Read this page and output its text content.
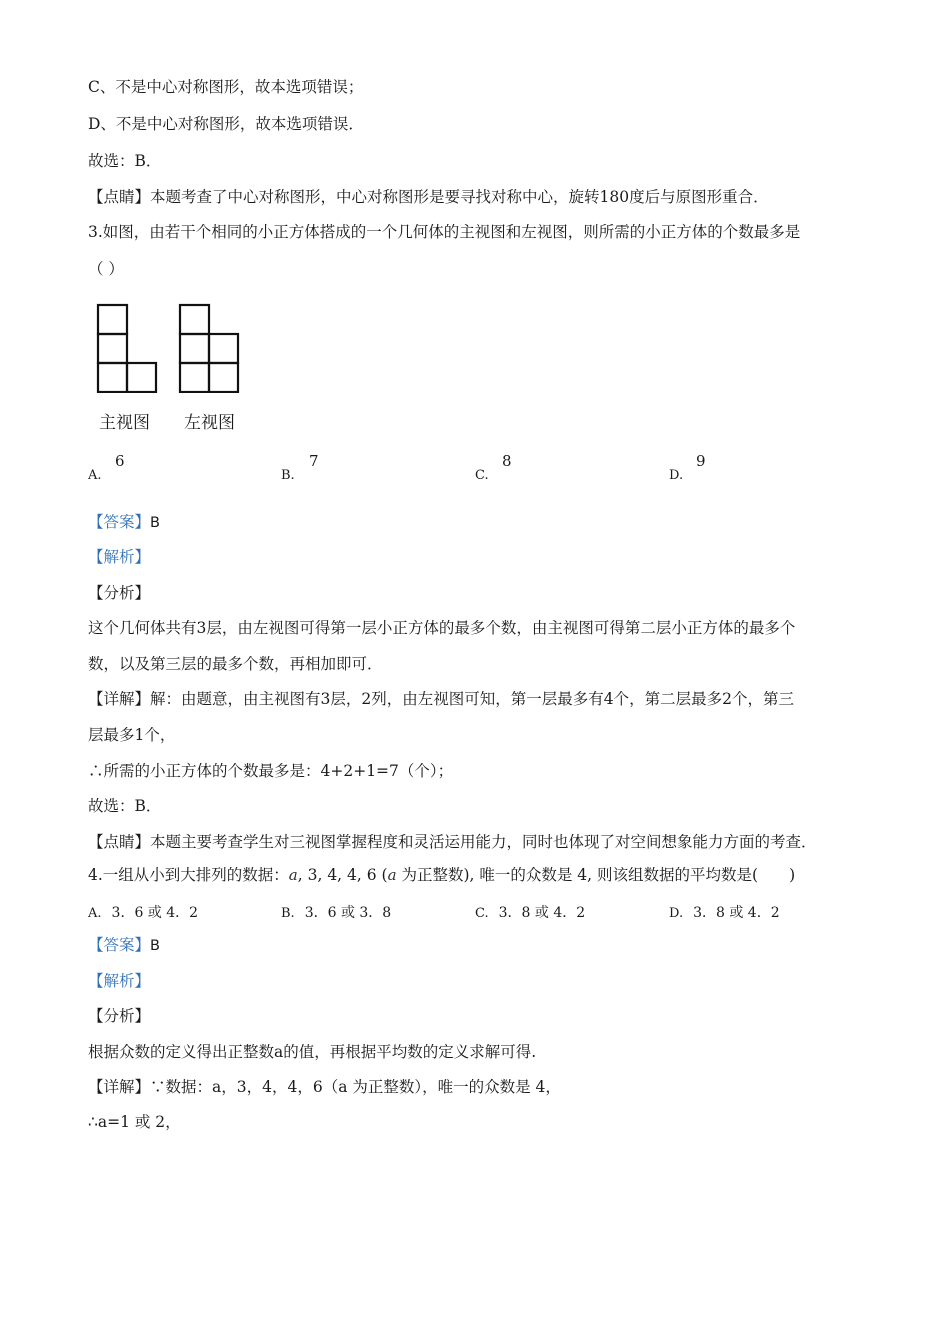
C、不是中心对称图形，故本选项错误；
D、不是中心对称图形，故本选项错误．
故选：B．
【点睛】本题考查了中心对称图形，中心对称图形是要寻找对称中心，旋转180度后与原图形重合．
3.如图，由若干个相同的小正方体搭成的一个几何体的主视图和左视图，则所需的小正方体的个数最多是
（ ）
主视图 左视图
A.
6
B.
7
C.
8
D.
9
【答案】B
【解析】
【分析】
这个几何体共有3层，由左视图可得第一层小正方体的最多个数，由主视图可得第二层小正方体的最多个
数，以及第三层的最多个数，再相加即可．
【详解】解：由题意，由主视图有3层，2列，由左视图可知，第一层最多有4个，第二层最多2个，第三
层最多1个，
∴所需的小正方体的个数最多是：4+2+1=7（个）；
故选：B．
【点睛】本题主要考查学生对三视图掌握程度和灵活运用能力，同时也体现了对空间想象能力方面的考查．
4.一组从小到大排列的数据：a, 3, 4, 4, 6 (a 为正整数), 唯一的众数是 4, 则该组数据的平均数是(　　)
A. 3．6 或 4．2	B. 3．6 或 3．8	C. 3．8 或 4．2	D. 3．8 或 4．2
【答案】B
【解析】
【分析】
根据众数的定义得出正整数a的值，再根据平均数的定义求解可得.
【详解】∵数据：a，3，4，4，6（a 为正整数），唯一的众数是 4，
∴a=1 或 2，
